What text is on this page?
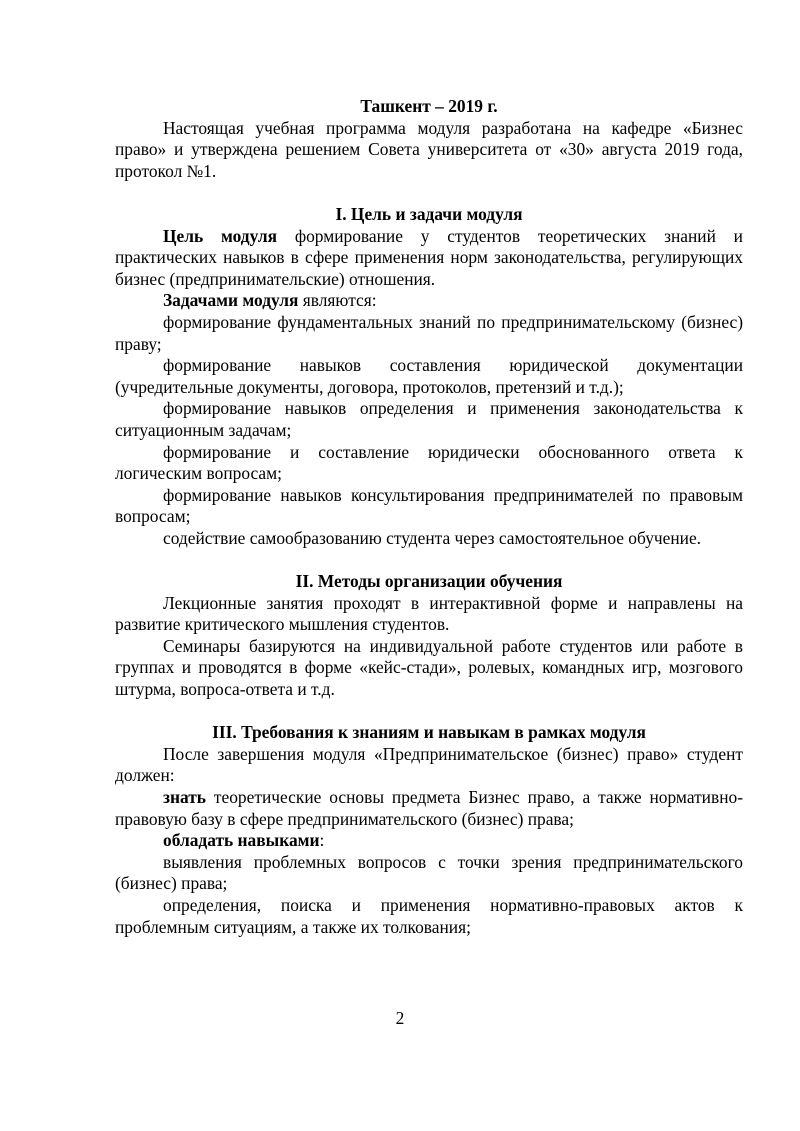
Ташкент – 2019 г.

Настоящая учебная программа модуля разработана на кафедре «Бизнес право» и утверждена решением Совета университета от «30» августа 2019 года, протокол №1.

I. Цель и задачи модуля

Цель модуля формирование у студентов теоретических знаний и практических навыков в сфере применения норм законодательства, регулирующих бизнес (предпринимательские) отношения.

Задачами модуля являются:

формирование фундаментальных знаний по предпринимательскому (бизнес) праву;

формирование навыков составления юридической документации (учредительные документы, договора, протоколов, претензий и т.д.);

формирование навыков определения и применения законодательства к ситуационным задачам;

формирование и составление юридически обоснованного ответа к логическим вопросам;

формирование навыков консультирования предпринимателей по правовым вопросам;

содействие самообразованию студента через самостоятельное обучение.

II. Методы организации обучения

Лекционные занятия проходят в интерактивной форме и направлены на развитие критического мышления студентов.

Семинары базируются на индивидуальной работе студентов или работе в группах и проводятся в форме «кейс-стади», ролевых, командных игр, мозгового штурма, вопроса-ответа и т.д.

III. Требования к знаниям и навыкам в рамках модуля

После завершения модуля «Предпринимательское (бизнес) право» студент должен:

знать теоретические основы предмета Бизнес право, а также нормативно-правовую базу в сфере предпринимательского (бизнес) права;

обладать навыками:

выявления проблемных вопросов с точки зрения предпринимательского (бизнес) права;

определения, поиска и применения нормативно-правовых актов к проблемным ситуациям, а также их толкования;

2
